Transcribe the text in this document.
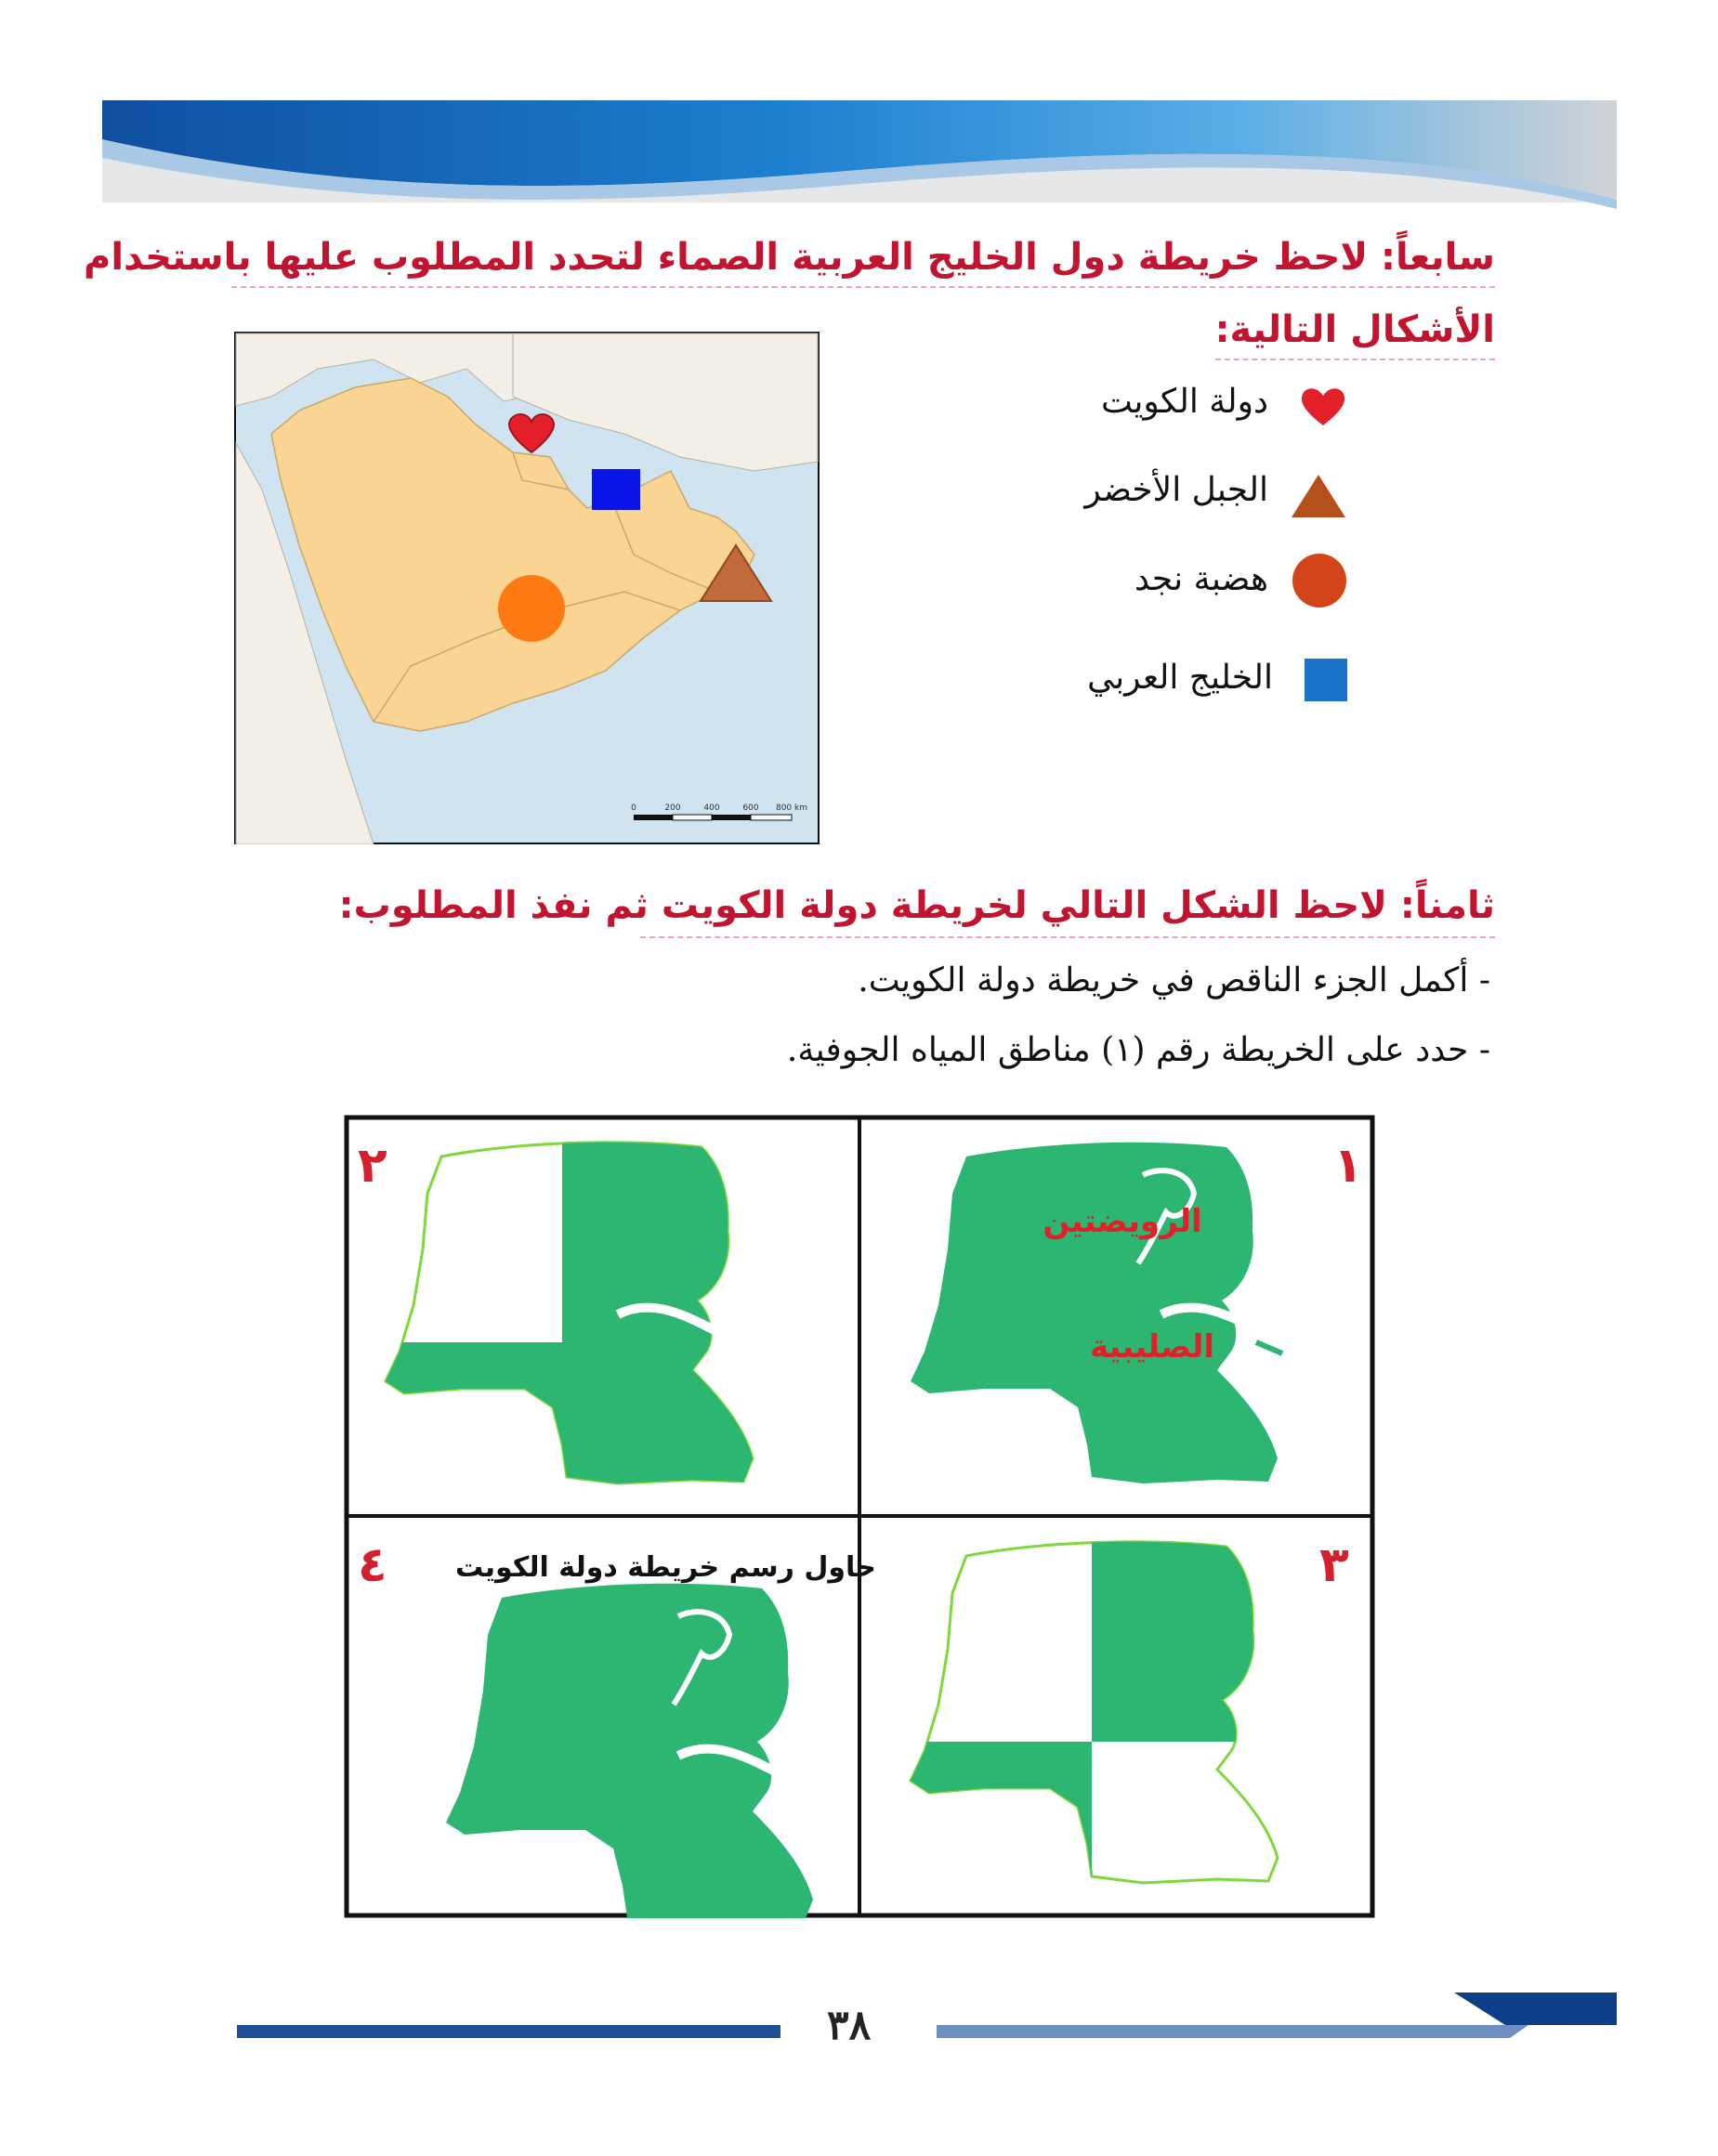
سابعاً: لاحظ خريطة دول الخليج العربية الصماء لتحدد المطلوب عليها باستخدام
الأشكال التالية:
0	200	400	600 800 km
دولة الكويت
الجبل الأخضر
هضبة نجد
الخليج العربي
ثامناً: لاحظ الشكل التالي لخريطة دولة الكويت ثم نفذ المطلوب:
- أكمل الجزء الناقص في خريطة دولة الكويت.
- حدد على الخريطة رقم (١) مناطق المياه الجوفية.
١
٢
٣
٤
الرويضتين
الصليبية
حاول رسم خريطة دولة الكويت
٣٨
